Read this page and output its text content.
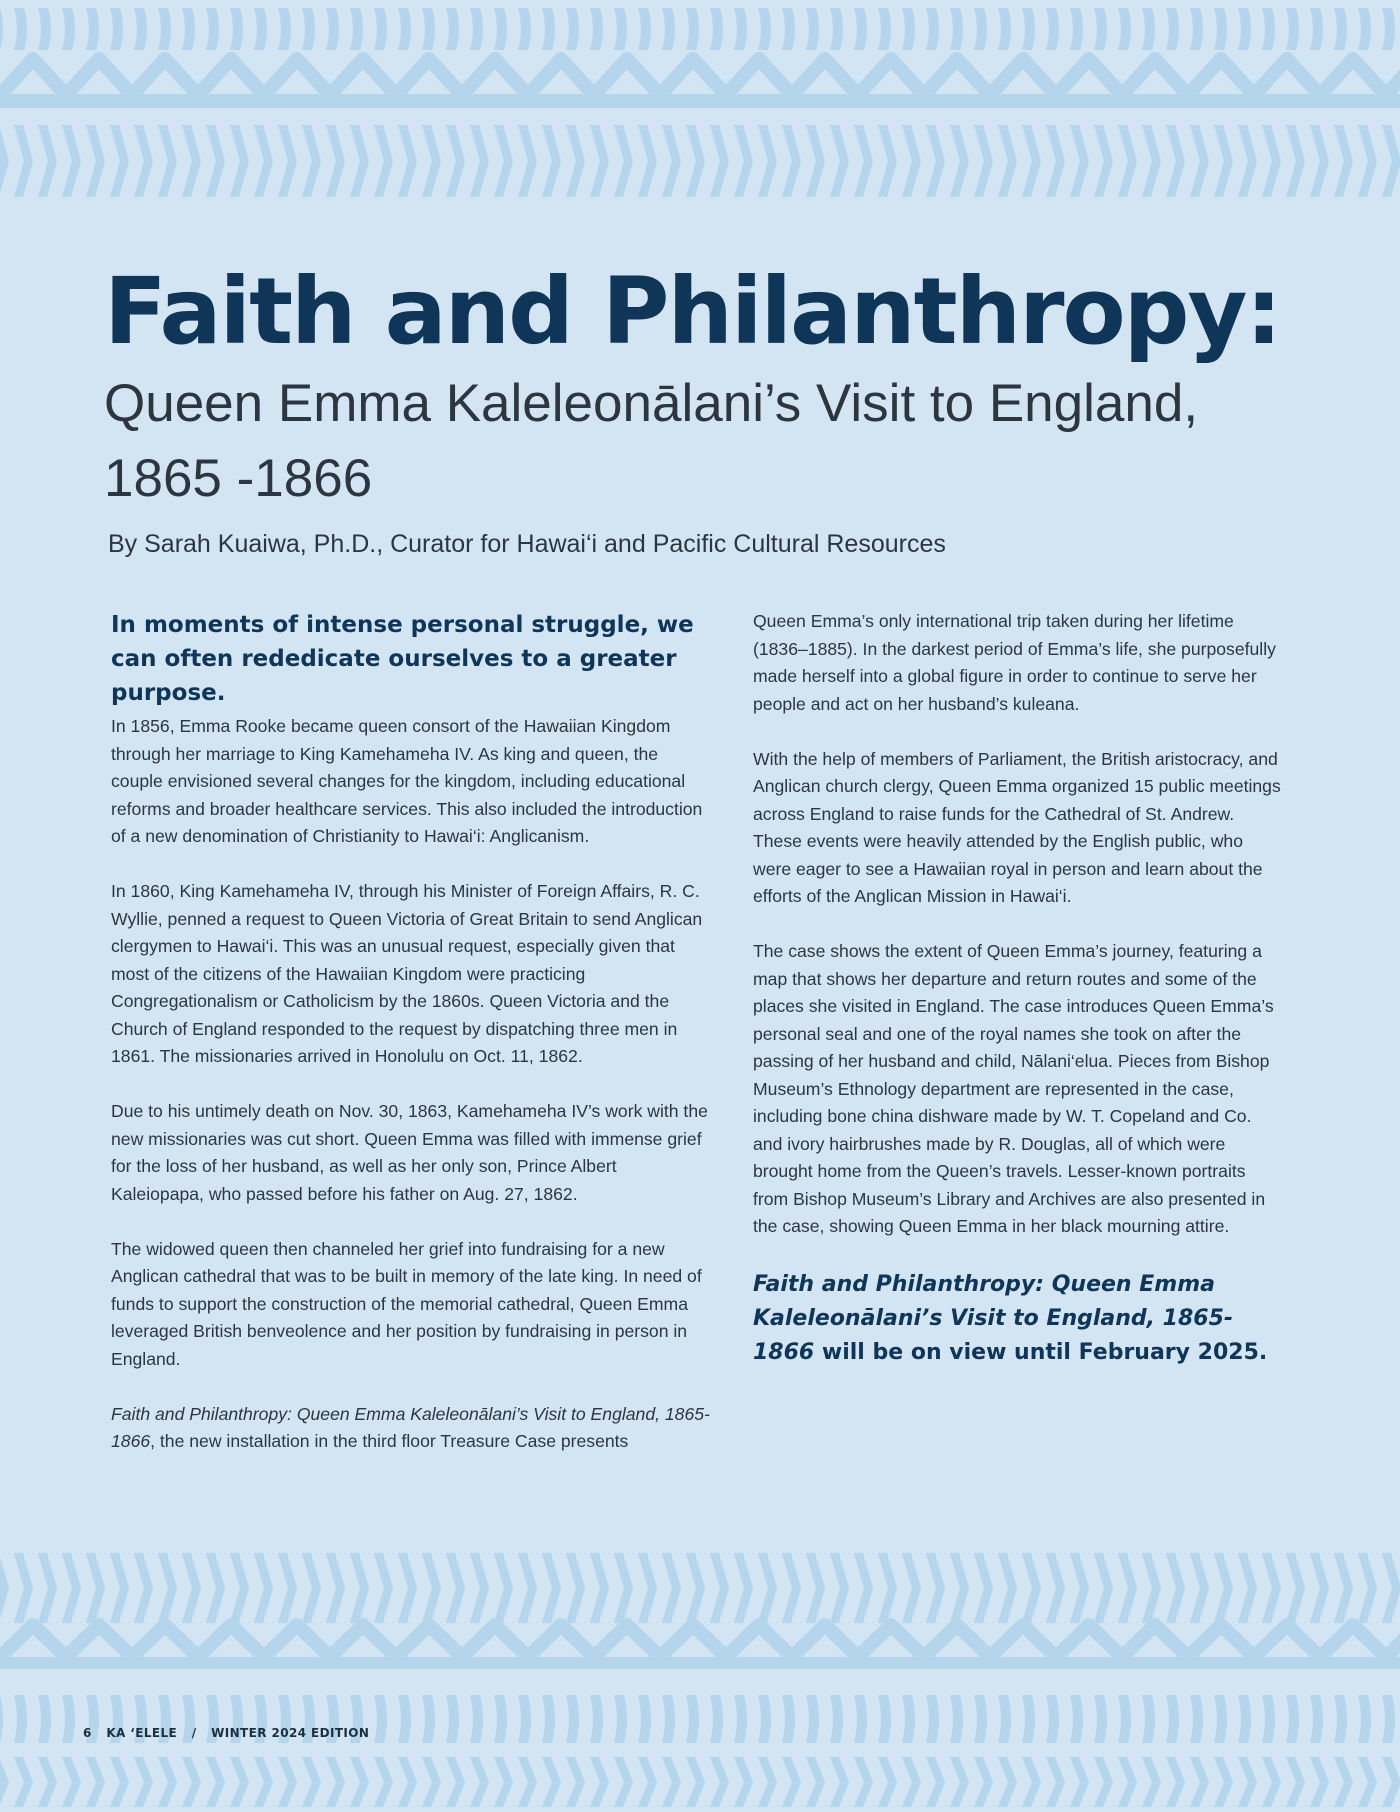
Faith and Philanthropy:
Queen Emma Kaleleonālani’s Visit to England, 1865 -1866
By Sarah Kuaiwa, Ph.D., Curator for Hawai‘i and Pacific Cultural Resources

In moments of intense personal struggle, we can often rededicate ourselves to a greater purpose.

In 1856, Emma Rooke became queen consort of the Hawaiian Kingdom through her marriage to King Kamehameha IV. As king and queen, the couple envisioned several changes for the kingdom, including educational reforms and broader healthcare services. This also included the introduction of a new denomination of Christianity to Hawai‘i: Anglicanism.

In 1860, King Kamehameha IV, through his Minister of Foreign Affairs, R. C. Wyllie, penned a request to Queen Victoria of Great Britain to send Anglican clergymen to Hawai‘i. This was an unusual request, especially given that most of the citizens of the Hawaiian Kingdom were practicing Congregationalism or Catholicism by the 1860s. Queen Victoria and the Church of England responded to the request by dispatching three men in 1861. The missionaries arrived in Honolulu on Oct. 11, 1862.

Due to his untimely death on Nov. 30, 1863, Kamehameha IV’s work with the new missionaries was cut short. Queen Emma was filled with immense grief for the loss of her husband, as well as her only son, Prince Albert Kaleiopapa, who passed before his father on Aug. 27, 1862.

The widowed queen then channeled her grief into fundraising for a new Anglican cathedral that was to be built in memory of the late king. In need of funds to support the construction of the memorial cathedral, Queen Emma leveraged British benveolence and her position by fundraising in person in England.

Faith and Philanthropy: Queen Emma Kaleleonālani’s Visit to England, 1865-1866, the new installation in the third floor Treasure Case presents

Queen Emma’s only international trip taken during her lifetime (1836–1885). In the darkest period of Emma’s life, she purposefully made herself into a global figure in order to continue to serve her people and act on her husband’s kuleana.

With the help of members of Parliament, the British aristocracy, and Anglican church clergy, Queen Emma organized 15 public meetings across England to raise funds for the Cathedral of St. Andrew. These events were heavily attended by the English public, who were eager to see a Hawaiian royal in person and learn about the efforts of the Anglican Mission in Hawai‘i.

The case shows the extent of Queen Emma’s journey, featuring a map that shows her departure and return routes and some of the places she visited in England. The case introduces Queen Emma’s personal seal and one of the royal names she took on after the passing of her husband and child, Nālani‘elua. Pieces from Bishop Museum’s Ethnology department are represented in the case, including bone china dishware made by W. T. Copeland and Co. and ivory hairbrushes made by R. Douglas, all of which were brought home from the Queen’s travels. Lesser-known portraits from Bishop Museum’s Library and Archives are also presented in the case, showing Queen Emma in her black mourning attire.

Faith and Philanthropy: Queen Emma Kaleleonālani’s Visit to England, 1865-1866 will be on view until February 2025.

6 KA ‘ELELE / WINTER 2024 EDITION
